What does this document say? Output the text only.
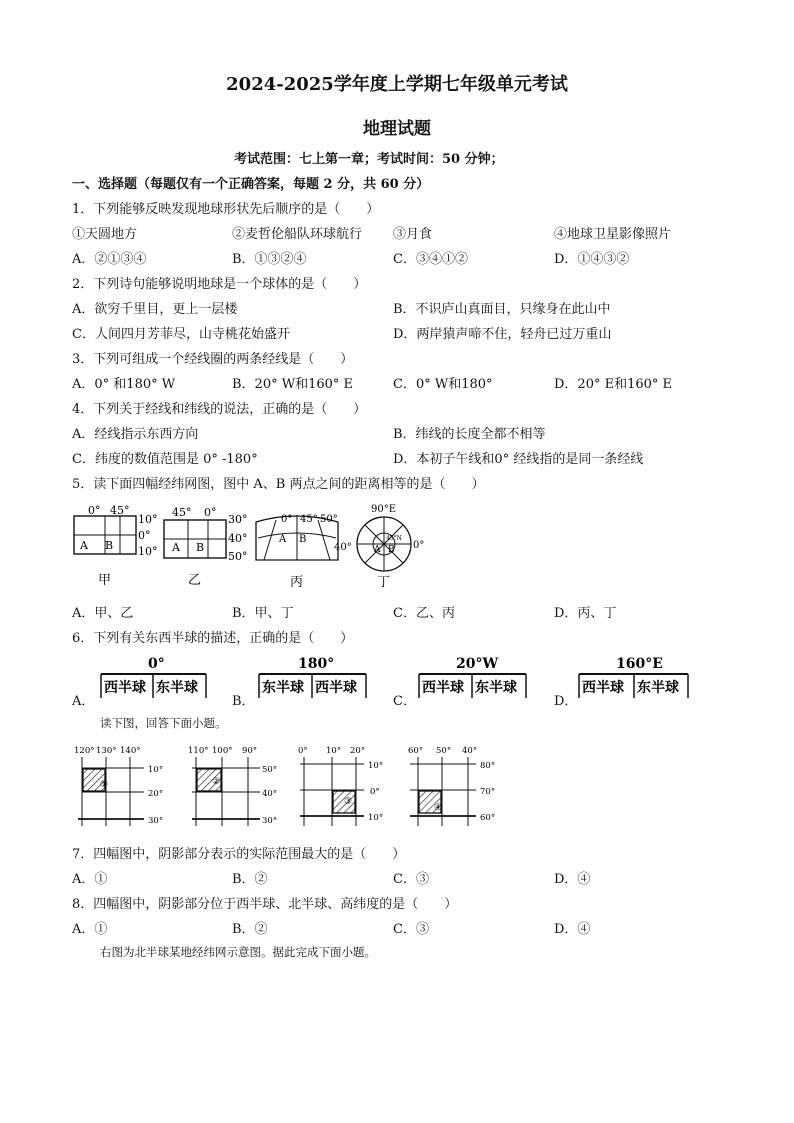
2024-2025学年度上学期七年级单元考试
地理试题
考试范围：七上第一章；考试时间：50 分钟；
一、选择题（每题仅有一个正确答案，每题 2 分，共 60 分）
1．下列能够反映发现地球形状先后顺序的是（　　）
①天圆地方	②麦哲伦船队环球航行 ③月食	④地球卫星影像照片
A．②①③④	B．①③②④	C．③④①②	D．①④③②
2．下列诗句能够说明地球是一个球体的是（　　）
A．欲穷千里目，更上一层楼	B．不识庐山真面目，只缘身在此山中
C．人间四月芳菲尽，山寺桃花始盛开	D．两岸猿声啼不住，轻舟已过万重山
3．下列可组成一个经线圈的两条经线是（　　）
A．0° 和180° W	B．20° W和160° E	C．0° W和180°	D．20° E和160° E
4．下列关于经线和纬线的说法，正确的是（　　）
A．经线指示东西方向	B．纬线的长度全都不相等
C．纬度的数值范围是 0° -180°	D．本初子午线和0° 经线指的是同一条经线
5．读下面四幅经纬网图，图中 A、B 两点之间的距离相等的是（　　）
0° 45°
10°
0°
10°
A B
甲
45° 0°
30°
40°
50°
A B
乙
0° 45° 50°
40°
A B
丙
90°E
0°
45°N
A B
丁
A．甲、乙	B．甲、丁	C．乙、丙	D．丙、丁
6．下列有关东西半球的描述，正确的是（　　）
A．
0°
西半球 东半球
B．
180°
东半球 西半球
C．
20°W
西半球 东半球
D．
160°E
西半球 东半球
读下图，回答下面小题。
120° 130° 140°
①
10°
20°
30°
110° 100° 90°
②
50°
40°
30°
0° 10° 20°
③
10°
0°
10°
60° 50° 40°
④
80°
70°
60°
7．四幅图中，阴影部分表示的实际范围最大的是（　　）
A．①	B．②	C．③	D．④
8．四幅图中，阴影部分位于西半球、北半球、高纬度的是（　　）
A．①	B．②	C．③	D．④
右图为北半球某地经纬网示意图。据此完成下面小题。
